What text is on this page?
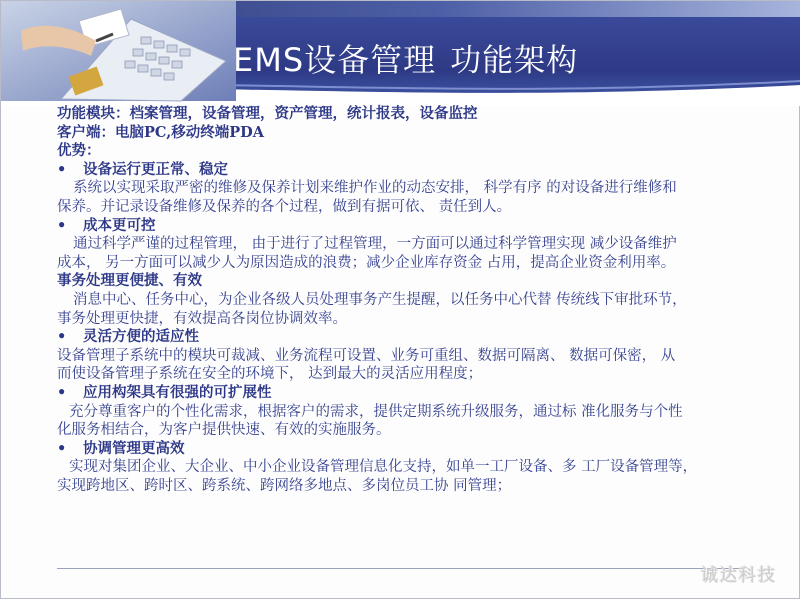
EMS设备管理 功能架构
功能模块：档案管理，设备管理，资产管理，统计报表，设备监控
客户端：电脑PC,移动终端PDA
优势：
• 设备运行更正常、稳定
系统以实现采取严密的维修及保养计划来维护作业的动态安排， 科学有序 的对设备进行维修和
保养。并记录设备维修及保养的各个过程，做到有据可依、 责任到人。
• 成本更可控
通过科学严谨的过程管理， 由于进行了过程管理，一方面可以通过科学管理实现 减少设备维护
成本， 另一方面可以减少人为原因造成的浪费；减少企业库存资金 占用，提高企业资金利用率。
事务处理更便捷、有效
消息中心、任务中心，为企业各级人员处理事务产生提醒，以任务中心代替 传统线下审批环节，
事务处理更快捷，有效提高各岗位协调效率。
• 灵活方便的适应性
设备管理子系统中的模块可裁减、业务流程可设置、业务可重组、数据可隔离、 数据可保密， 从
而使设备管理子系统在安全的环境下， 达到最大的灵活应用程度；
• 应用构架具有很强的可扩展性
充分尊重客户的个性化需求，根据客户的需求，提供定期系统升级服务，通过标 准化服务与个性
化服务相结合，为客户提供快速、有效的实施服务。
• 协调管理更高效
实现对集团企业、大企业、中小企业设备管理信息化支持，如单一工厂设备、多 工厂设备管理等，
实现跨地区、跨时区、跨系统、跨网络多地点、多岗位员工协 同管理；
诚达科技
